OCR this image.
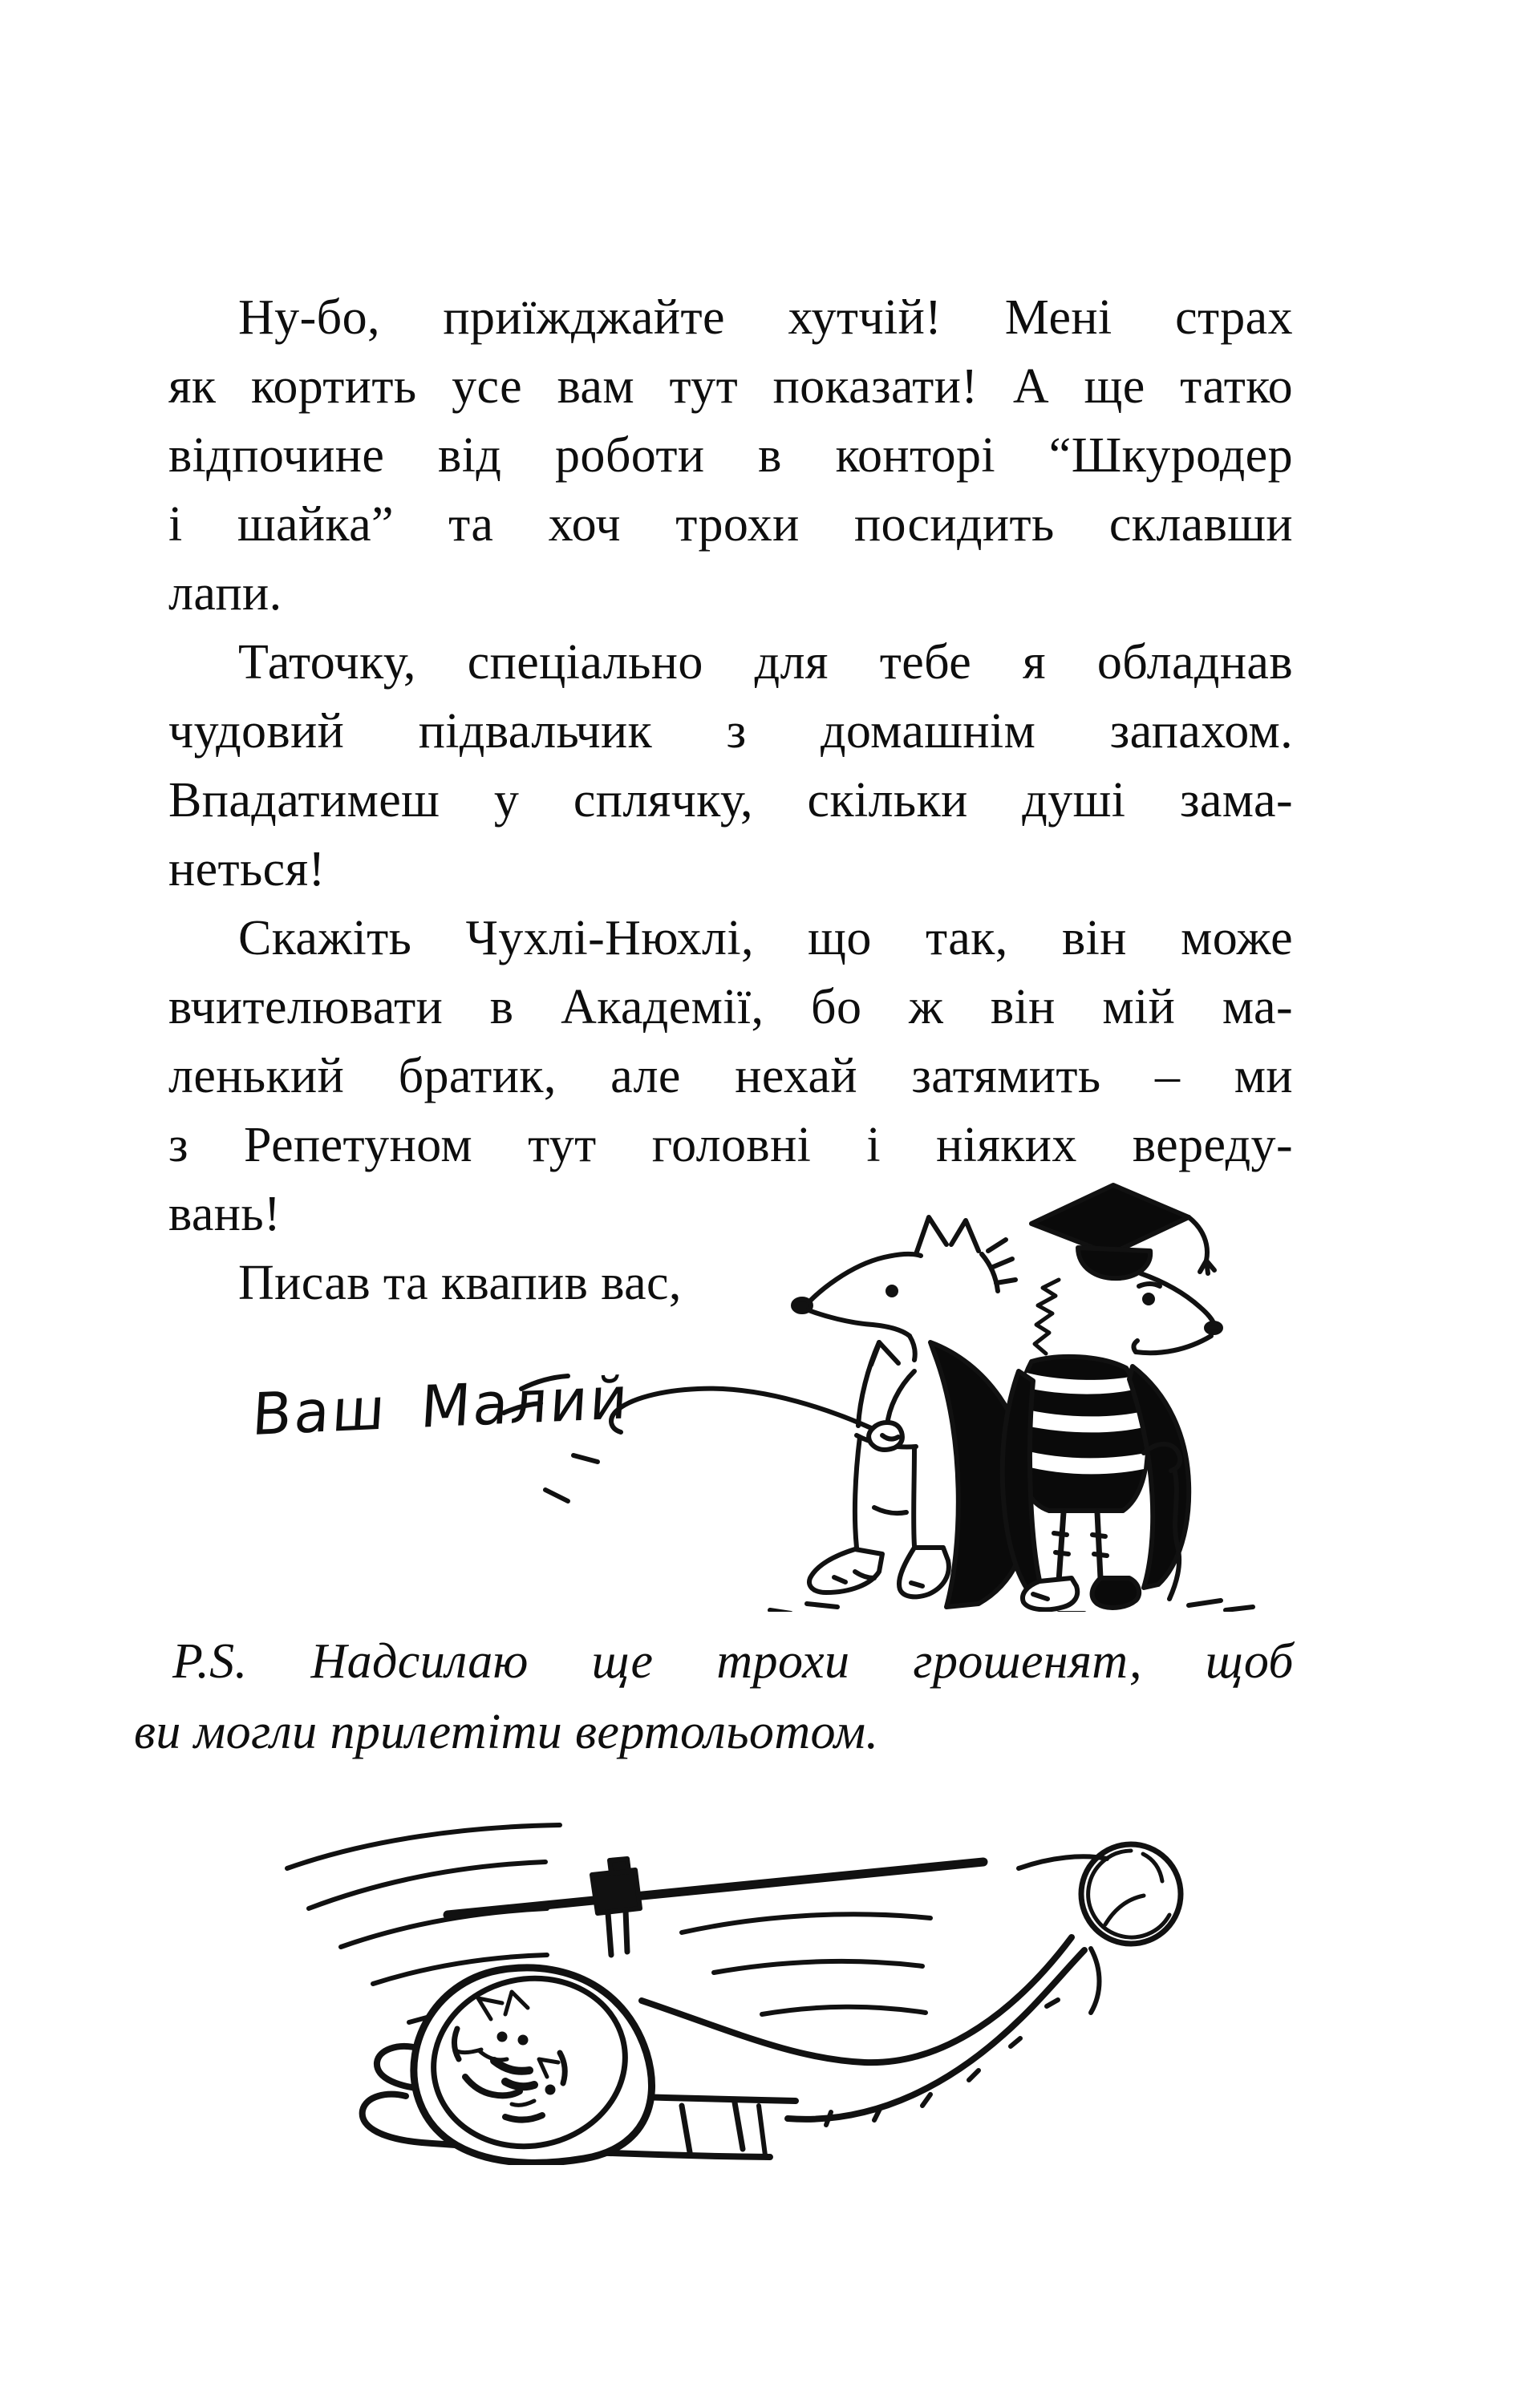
Ну-бо, приїжджайте хутчій! Мені страх
як кортить усе вам тут показати! А ще татко
відпочине від роботи в конторі “Шкуродер
і шайка” та хоч трохи посидить склавши
лапи.
Таточку, спеціально для тебе я обладнав
чудовий підвальчик з домашнім запахом.
Впадатимеш у сплячку, скільки душі зама-
неться!
Скажіть Чухлі-Нюхлі, що так, він може
вчителювати в Академії, бо ж він мій ма-
ленький братик, але нехай затямить – ми
з Репетуном тут головні і ніяких вереду-
вань!
Писав та квапив вас,
Ваш Малий
P.S. Надсилаю ще трохи грошенят, щоб
ви могли прилетіти вертольотом.
